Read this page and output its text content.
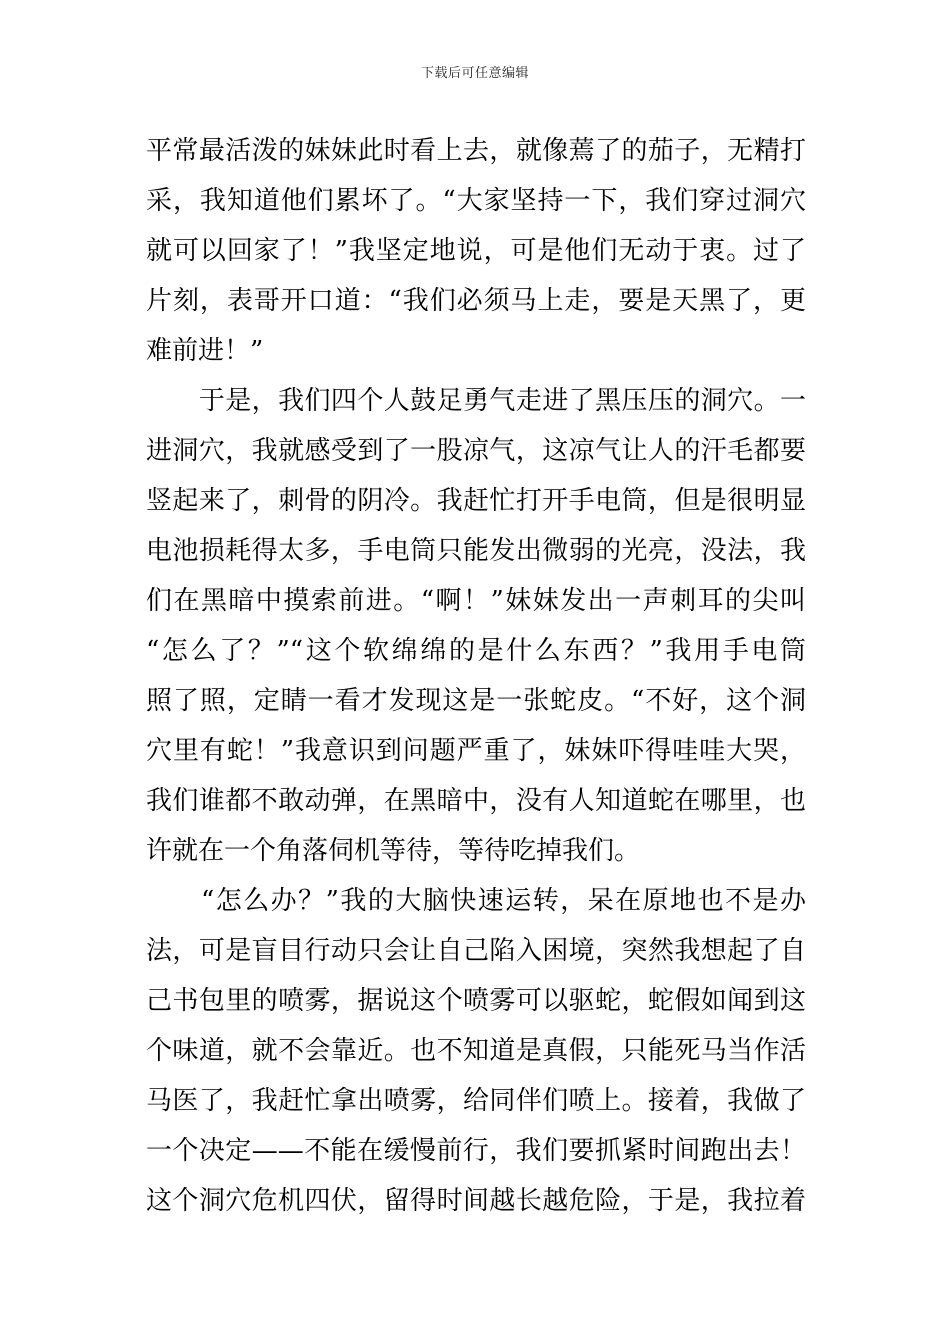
下载后可任意编辑
平常最活泼的妹妹此时看上去，就像蔫了的茄子，无精打
采，我知道他们累坏了。“大家坚持一下，我们穿过洞穴
就可以回家了！”我坚定地说，可是他们无动于衷。过了
片刻，表哥开口道：“我们必须马上走，要是天黑了，更
难前进！”
　　于是，我们四个人鼓足勇气走进了黑压压的洞穴。一
进洞穴，我就感受到了一股凉气，这凉气让人的汗毛都要
竖起来了，刺骨的阴冷。我赶忙打开手电筒，但是很明显
电池损耗得太多，手电筒只能发出微弱的光亮，没法，我
们在黑暗中摸索前进。“啊！”妹妹发出一声刺耳的尖叫
“怎么了？”“这个软绵绵的是什么东西？”我用手电筒
照了照，定睛一看才发现这是一张蛇皮。“不好，这个洞
穴里有蛇！”我意识到问题严重了，妹妹吓得哇哇大哭，
我们谁都不敢动弹，在黑暗中，没有人知道蛇在哪里，也
许就在一个角落伺机等待，等待吃掉我们。
　　“怎么办？”我的大脑快速运转，呆在原地也不是办
法，可是盲目行动只会让自己陷入困境，突然我想起了自
己书包里的喷雾，据说这个喷雾可以驱蛇，蛇假如闻到这
个味道，就不会靠近。也不知道是真假，只能死马当作活
马医了，我赶忙拿出喷雾，给同伴们喷上。接着，我做了
一个决定——不能在缓慢前行，我们要抓紧时间跑出去！
这个洞穴危机四伏，留得时间越长越危险，于是，我拉着
